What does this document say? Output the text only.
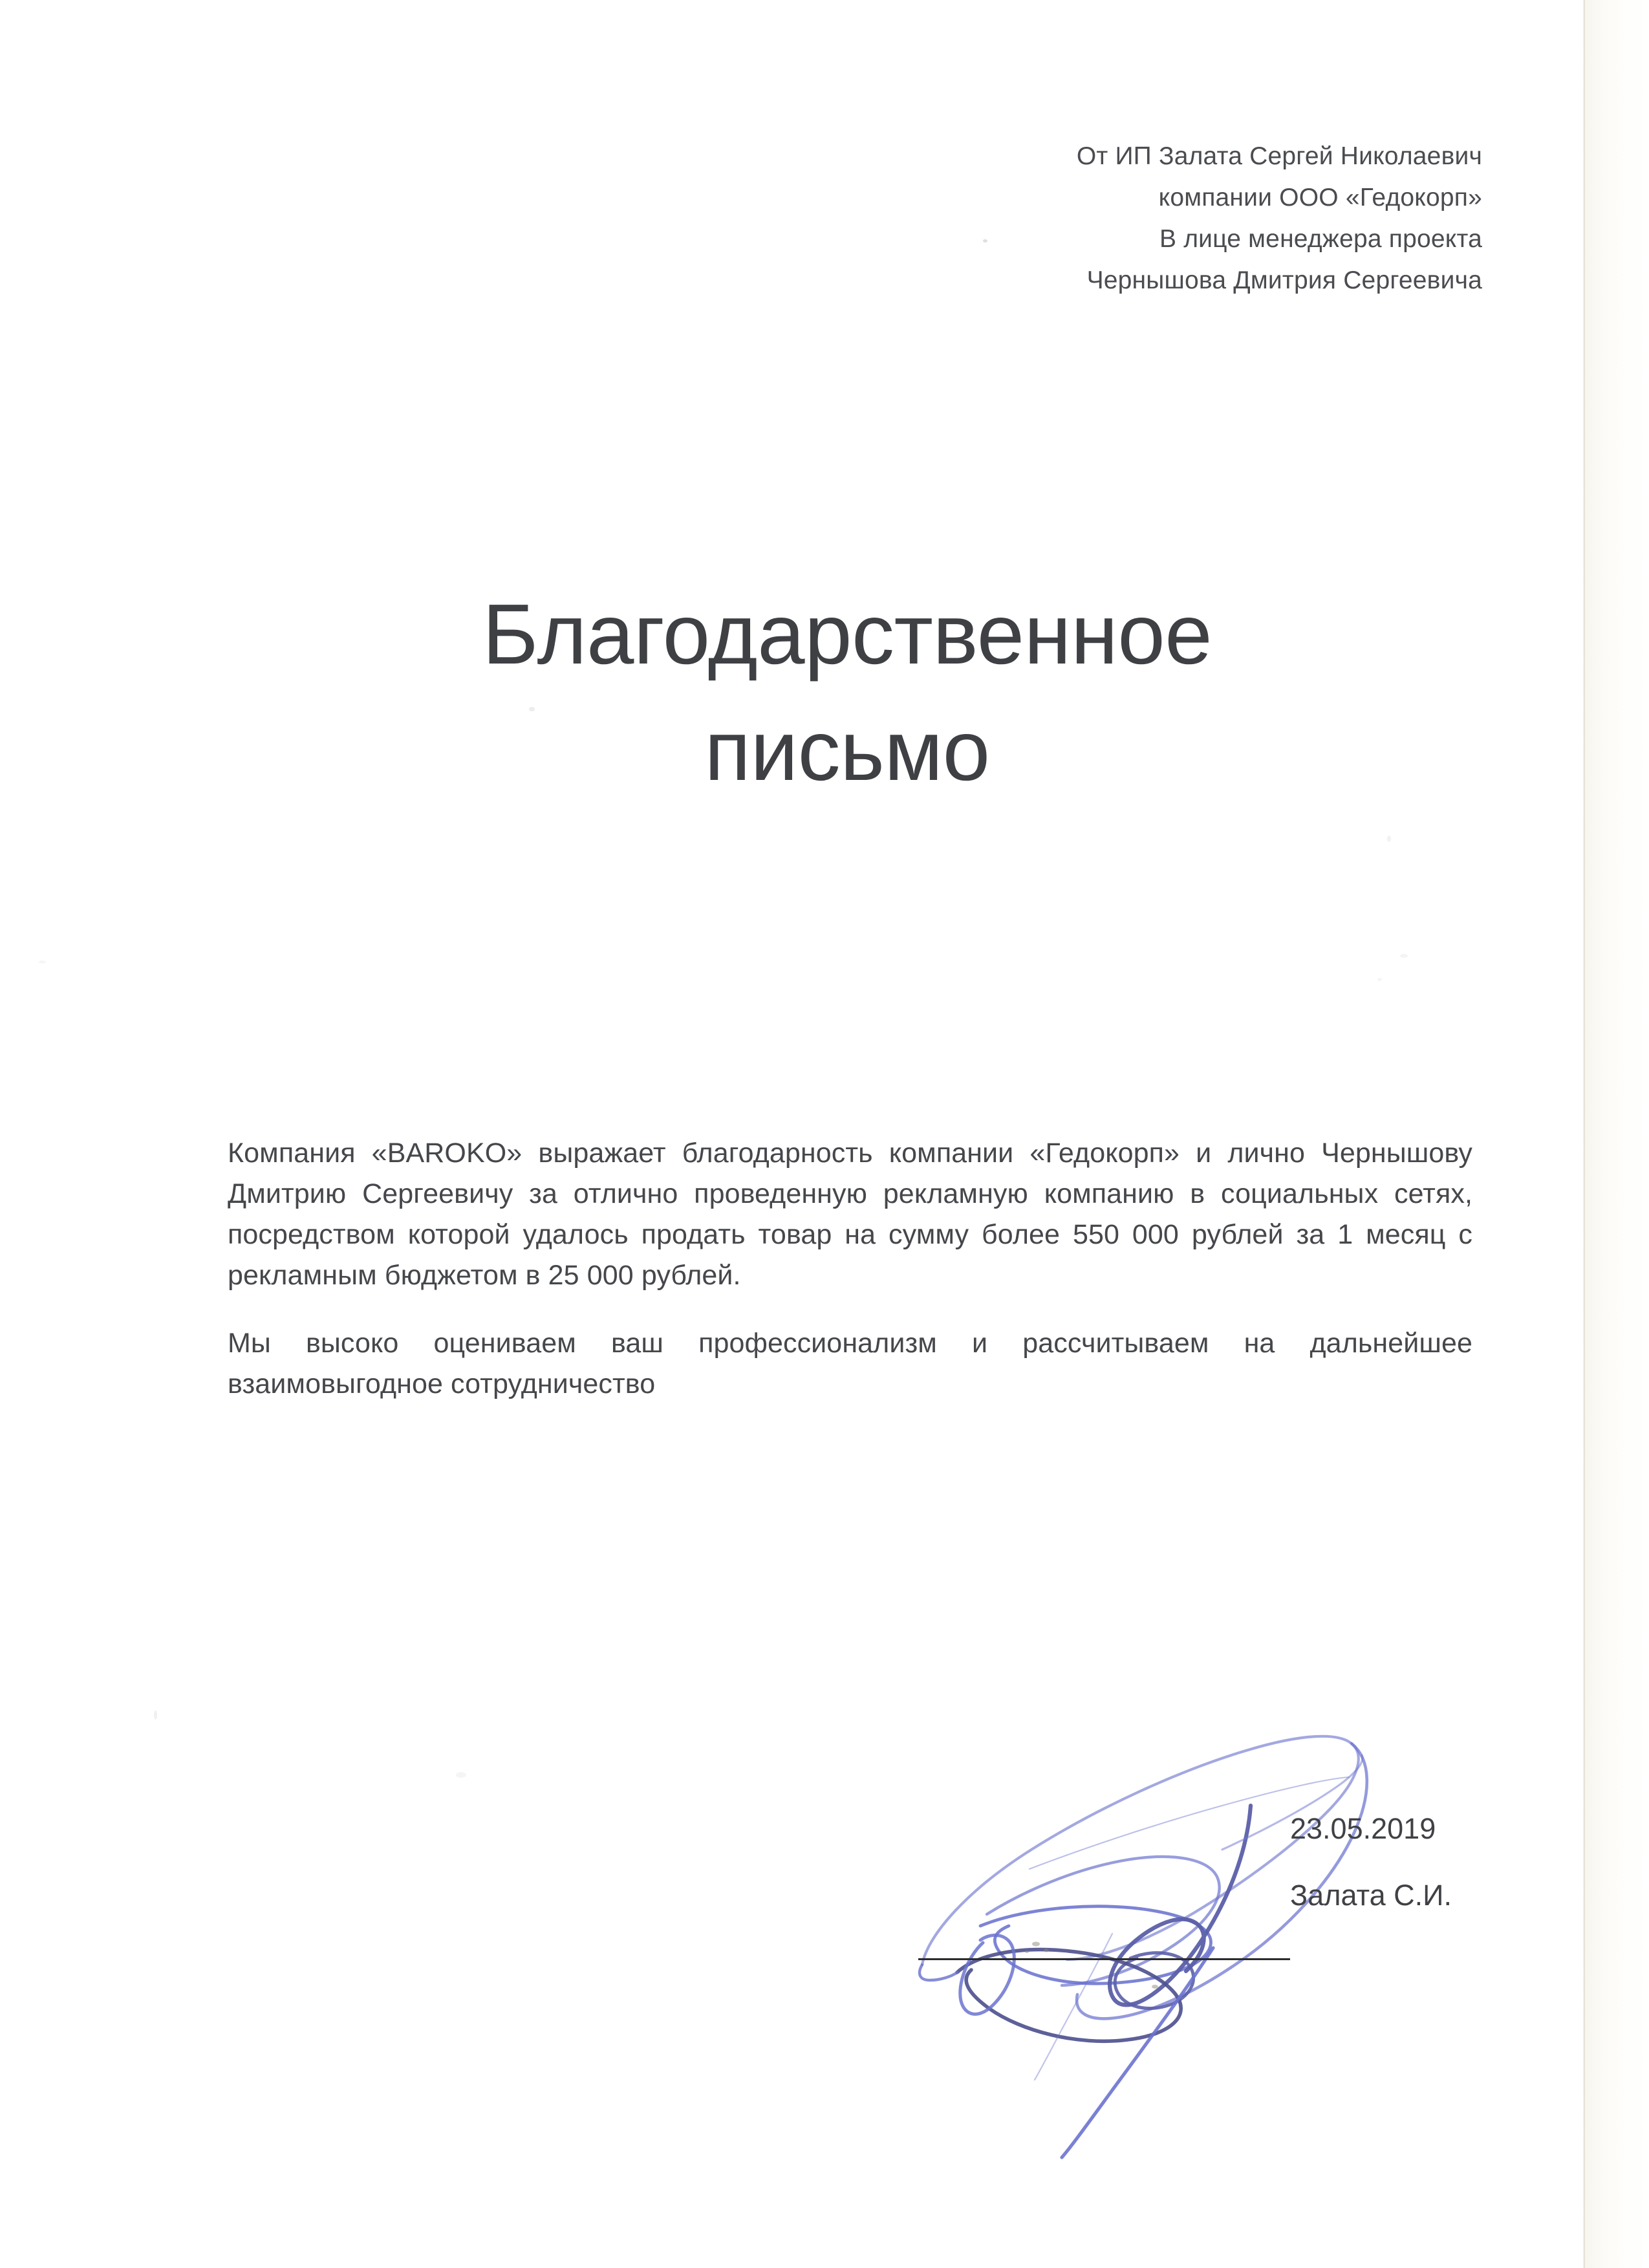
От ИП Залата Сергей Николаевич
компании ООО «Гедокорп»
В лице менеджера проекта
Чернышова Дмитрия Сергеевича
Благодарственное
письмо

Компания «BAROKO» выражает благодарность компании «Гедокорп» и лично Чернышову Дмитрию Сергеевичу за отлично проведенную рекламную компанию в социальных сетях, посредством которой удалось продать товар на сумму более 550 000 рублей за 1 месяц с рекламным бюджетом в 25 000 рублей.

Мы высоко оцениваем ваш профессионализм и рассчитываем на дальнейшее взаимовыгодное сотрудничество

23.05.2019
Залата С.И.
